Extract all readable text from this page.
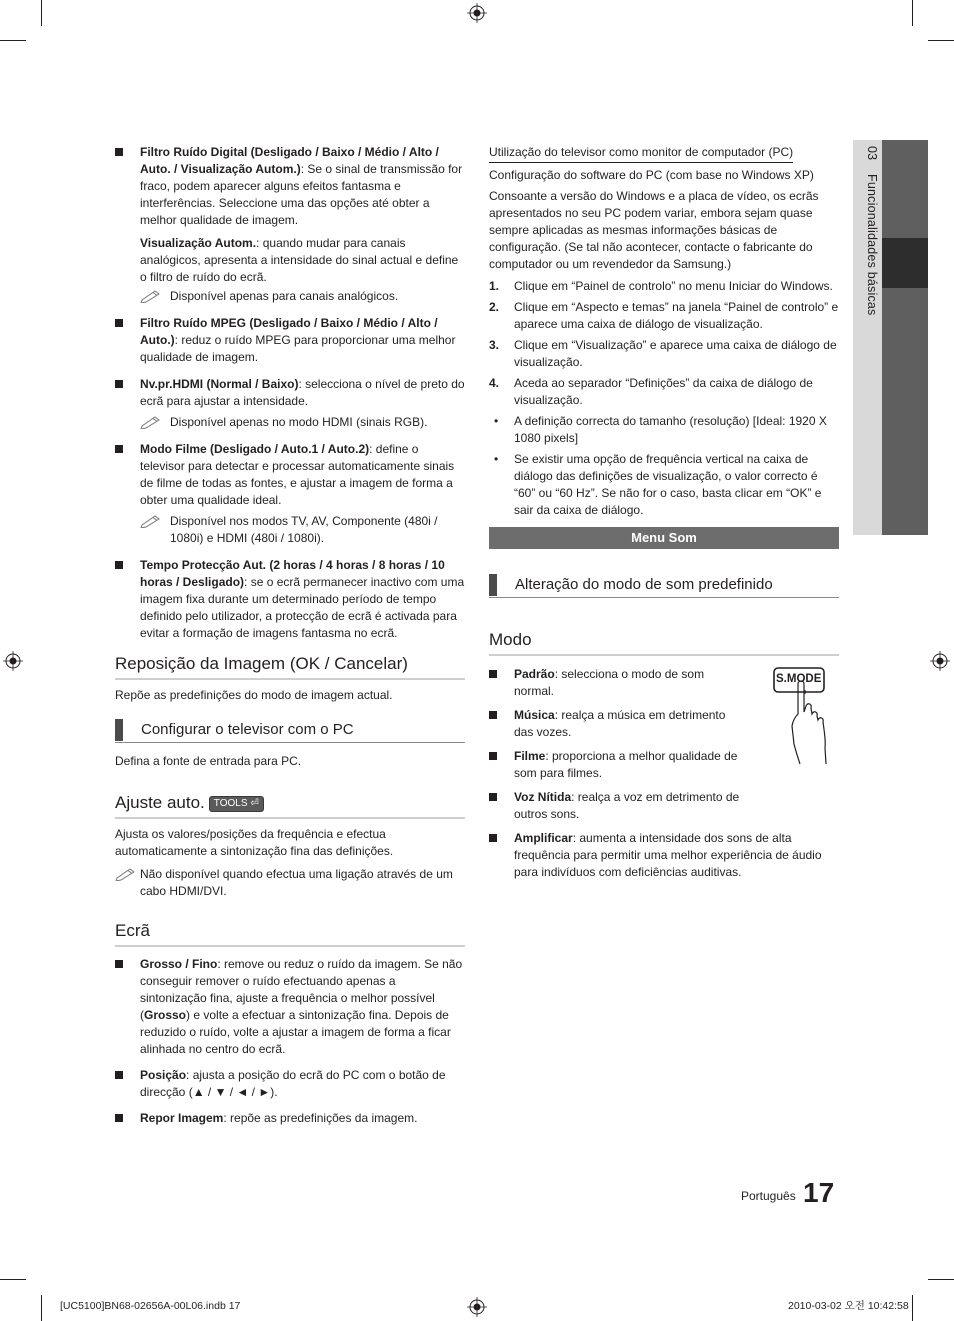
03 Funcionalidades básicas
Filtro Ruído Digital (Desligado / Baixo / Médio / Alto / Auto. / Visualização Autom.): Se o sinal de transmissão for fraco, podem aparecer alguns efeitos fantasma e interferências. Seleccione uma das opções até obter a melhor qualidade de imagem.
Visualização Autom.: quando mudar para canais analógicos, apresenta a intensidade do sinal actual e define o filtro de ruído do ecrã.
Disponível apenas para canais analógicos.
Filtro Ruído MPEG (Desligado / Baixo / Médio / Alto / Auto.): reduz o ruído MPEG para proporcionar uma melhor qualidade de imagem.
Nv.pr.HDMI (Normal / Baixo): selecciona o nível de preto do ecrã para ajustar a intensidade.
Disponível apenas no modo HDMI (sinais RGB).
Modo Filme (Desligado / Auto.1 / Auto.2): define o televisor para detectar e processar automaticamente sinais de filme de todas as fontes, e ajustar a imagem de forma a obter uma qualidade ideal.
Disponível nos modos TV, AV, Componente (480i / 1080i) e HDMI (480i / 1080i).
Tempo Protecção Aut. (2 horas / 4 horas / 8 horas / 10 horas / Desligado): se o ecrã permanecer inactivo com uma imagem fixa durante um determinado período de tempo definido pelo utilizador, a protecção de ecrã é activada para evitar a formação de imagens fantasma no ecrã.
Reposição da Imagem (OK / Cancelar)
Repõe as predefinições do modo de imagem actual.
Configurar o televisor com o PC
Defina a fonte de entrada para PC.
Ajuste auto. TOOLS ⏎
Ajusta os valores/posições da frequência e efectua automaticamente a sintonização fina das definições.
Não disponível quando efectua uma ligação através de um cabo HDMI/DVI.
Ecrã
Grosso / Fino: remove ou reduz o ruído da imagem. Se não conseguir remover o ruído efectuando apenas a sintonização fina, ajuste a frequência o melhor possível (Grosso) e volte a efectuar a sintonização fina. Depois de reduzido o ruído, volte a ajustar a imagem de forma a ficar alinhada no centro do ecrã.
Posição: ajusta a posição do ecrã do PC com o botão de direcção (▲ / ▼ / ◄ / ►).
Repor Imagem: repõe as predefinições da imagem.
Utilização do televisor como monitor de computador (PC)
Configuração do software do PC (com base no Windows XP)
Consoante a versão do Windows e a placa de vídeo, os ecrãs apresentados no seu PC podem variar, embora sejam quase sempre aplicadas as mesmas informações básicas de configuração. (Se tal não acontecer, contacte o fabricante do computador ou um revendedor da Samsung.)
1. Clique em “Painel de controlo” no menu Iniciar do Windows.
2. Clique em “Aspecto e temas” na janela “Painel de controlo” e aparece uma caixa de diálogo de visualização.
3. Clique em “Visualização” e aparece uma caixa de diálogo de visualização.
4. Aceda ao separador “Definições” da caixa de diálogo de visualização.
• A definição correcta do tamanho (resolução) [Ideal: 1920 X 1080 pixels]
• Se existir uma opção de frequência vertical na caixa de diálogo das definições de visualização, o valor correcto é “60” ou “60 Hz”. Se não for o caso, basta clicar em “OK” e sair da caixa de diálogo.
Menu Som
Alteração do modo de som predefinido
Modo
Padrão: selecciona o modo de som normal.
Música: realça a música em detrimento das vozes.
Filme: proporciona a melhor qualidade de som para filmes.
Voz Nítida: realça a voz em detrimento de outros sons.
Amplificar: aumenta a intensidade dos sons de alta frequência para permitir uma melhor experiência de áudio para indivíduos com deficiências auditivas.
S.MODE
Português 17
[UC5100]BN68-02656A-00L06.indb 17	2010-03-02 오전 10:42:58
